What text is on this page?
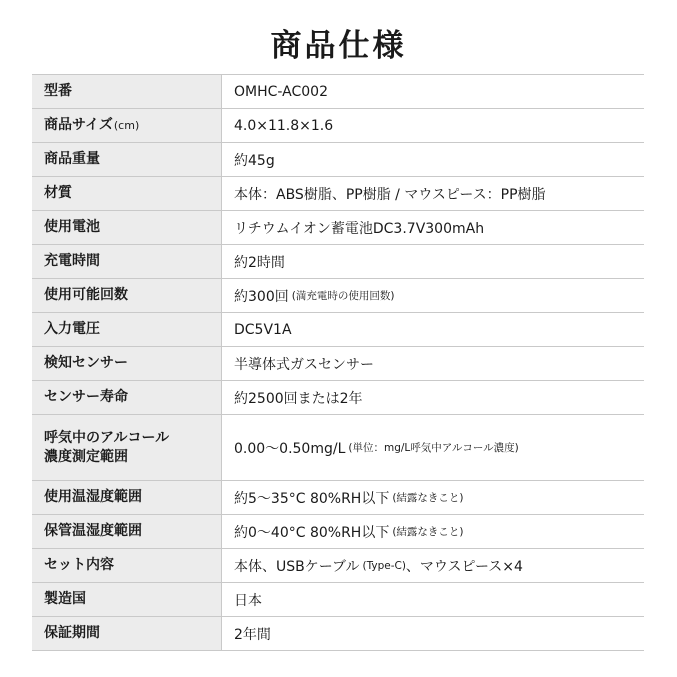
商品仕様
型番	OMHC-AC002
商品サイズ (cm)	4.0×11.8×1.6
商品重量	約45g
材質	本体：ABS樹脂、PP樹脂 / マウスピース：PP樹脂
使用電池	リチウムイオン蓄電池DC3.7V300mAh
充電時間	約2時間
使用可能回数	約300回 (満充電時の使用回数)
入力電圧	DC5V1A
検知センサー	半導体式ガスセンサー
センサー寿命	約2500回または2年
呼気中のアルコール
濃度測定範囲	0.00〜0.50mg/L (単位：mg/L呼気中アルコール濃度)
使用温湿度範囲	約5〜35°C 80%RH以下 (結露なきこと)
保管温湿度範囲	約0〜40°C 80%RH以下 (結露なきこと)
セット内容	本体、USBケーブル (Type-C) 、マウスピース×4
製造国	日本
保証期間	2年間
